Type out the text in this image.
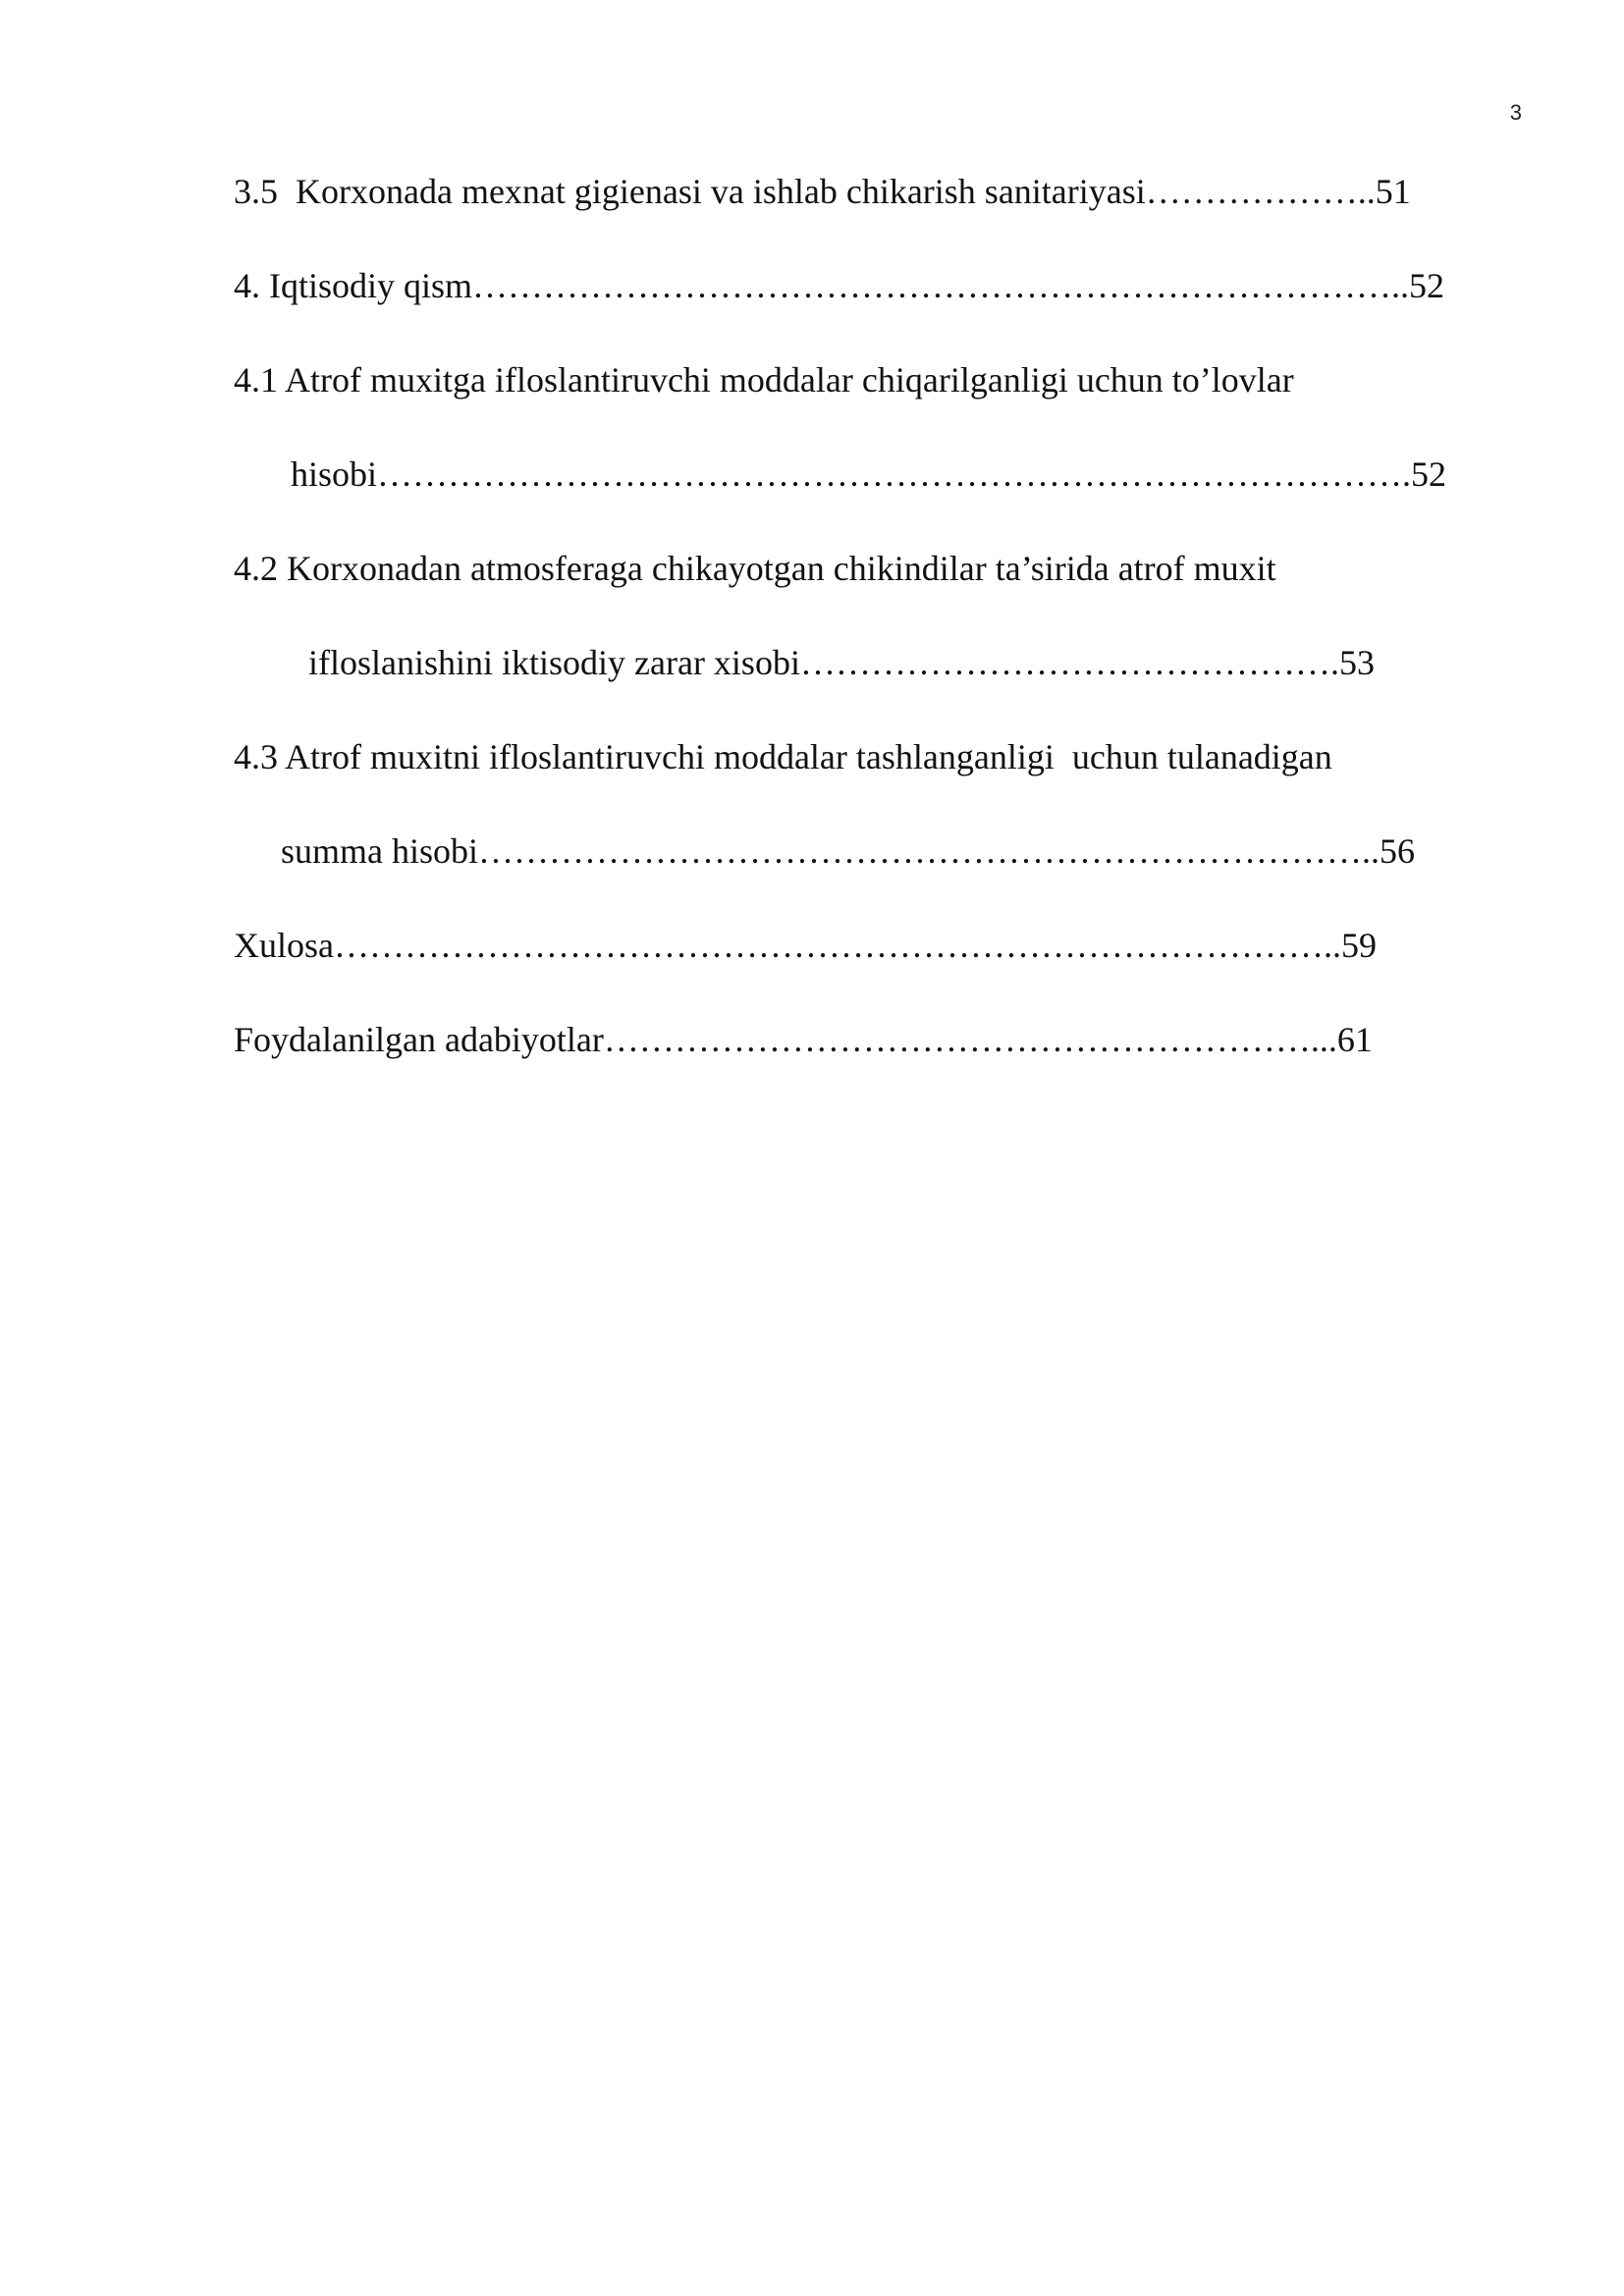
3
3.5  Korxonada mexnat gigienasi va ishlab chikarish sanitariyasi………………..51
4. Iqtisodiy qism……………………………………………………………………..52
4.1 Atrof muxitga ifloslantiruvchi moddalar chiqarilganligi uchun to’lovlar
hisobi…………………………………………………………………………….52
4.2 Korxonadan atmosferaga chikayotgan chikindilar ta’sirida atrof muxit
ifloslanishini iktisodiy zarar xisobi……………………………………….53
4.3 Atrof muxitni ifloslantiruvchi moddalar tashlanganligi  uchun tulanadigan
summa hisobi…………………………………………………………………..56
Xulosa…………………………………………………………………………..59
Foydalanilgan adabiyotlar……………………………………………………...61
